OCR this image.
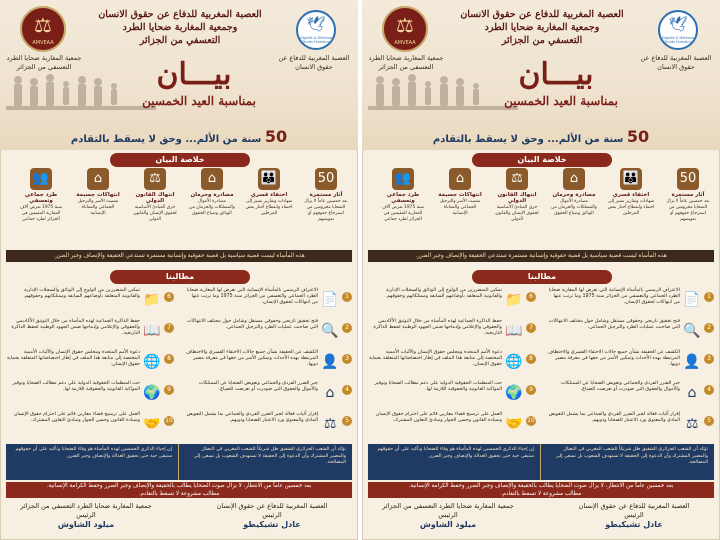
⚖
AMVEAA
🕊
Dignité & Défense Droits Humains
العصبة المغربية للدفاع عن حقوق الانسان
وجمعية المغاربة ضحايا الطرد
التعسفي من الجزائر
جمعية المغاربة ضحايا الطرد التعسفي من الجزائر
العصبة المغربية للدفاع عن حقوق الانسان
بيـــان
بمناسبة العيد الخمسين
50 سنة من الألم... وحق لا يسقط بالتقادم
خلاصة البيان
50
آثار مستمرة
بعد خمسين عاماً لا يزال الضحايا محرومين من استرجاع حقوقهم أو تعويضهم
👪
اختفاء قسري
شهادات وتقارير تشير إلى اختفاء وانقطاع أخبار بعض المرحلين
⌂
مصادرة وحرمان
مصادرة الأموال والممتلكات والحرمان من الوثائق وضياع الحقوق
⚖
انتهاك القانون الدولي
خرق المبادئ الأساسية لحقوق الإنسان والقانون الدولي
⌂
انتهاكات جسيمة
تشتيت الأسر والترحيل الجماعي والمعاناة الإنسانية
👥
طرد جماعي وتعسفي
سنة 1975 تعرض آلاف المغاربة المقيمين في الجزائر لطرد جماعي
هذه المأساة ليست قضية سياسية بل قضية حقوقية وإنسانية مستمرة تستدعي الحقيقة والإنصاف وجبر الضرر.
مطالبنا
1
📄
الاعتراف الرسمي بالمأساة الإنسانية التي تعرض لها المغاربة ضحايا الطرد الجماعي والتعسفي من الجزائر سنة 1975 وما ترتب عنها من انتهاكات لحقوق الإنسان.
2
🔍
فتح تحقيق تاريخي وحقوقي مستقل وشامل حول مختلف الانتهاكات التي صاحبت عمليات الطرد والترحيل الجماعي.
3
👤
الكشف عن الحقيقة بشأن جميع حالات الاختفاء القسري والاختطاف المرتبطة بهذه الأحداث وتمكين الأسر من حقها في معرفة مصير ذويها.
4
⌂
جبر الضرر الفردي والجماعي وتعويض الضحايا عن الممتلكات والأموال والحقوق التي صودرت أو تعرضت للضياع.
5
⚖
إقرار آليات فعالة لجبر الضرر الفردي والجماعي بما يشمل التعويض المادي والمعنوي ورد الاعتبار للضحايا وذويهم.
6
📁
تمكين المتضررين من الولوج إلى الوثائق والسجلات الإدارية والقانونية المتعلقة بأوضاعهم السابقة وممتلكاتهم وحقوقهم.
7
📖
حفظ الذاكرة الجماعية لهذه المأساة من خلال التوثيق الأكاديمي والحقوقي والإعلامي وإدماجها ضمن الجهود الوطنية لحفظ الذاكرة التاريخية.
8
🌐
دعوة الأمم المتحدة ومجلس حقوق الإنسان والآليات الأممية المختصة إلى متابعة هذا الملف في إطار اختصاصاتها المتعلقة بحماية حقوق الإنسان.
9
🌍
حث المنظمات الحقوقية الدولية على دعم مطالب الضحايا وتوفير المواكبة القانونية والحقوقية اللازمة لها.
10
🤝
العمل على ترسيخ فضاء مغاربي قائم على احترام حقوق الإنسان وسيادة القانون وحسن الجوار ومبادئ التعاون المشترك.
تؤكد أن الشعب الجزائري الشقيق ظل شريكاً للشعب المغربي في النضال والمصير المشترك وأن الدعوة إلى الحقيقة لا تستهدف الشعوب بل تسعى إلى المصالحة.
إن إحياء الذكرى الخمسين لهذه المأساة هو وفاء للضحايا وتأكيد على أن حقوقهم ستبقى حية حتى تحقيق العدالة والإنصاف وجبر الضرر.
بعد خمسين عاماً من الانتظار، لا يزال صوت الضحايا يطالب بالحقيقة والإنصاف وجبر الضرر وحفظ الكرامة الإنسانية.
مطالب مشروعة لا تسقط بالتقادم.
العصبة المغربية للدفاع عن حقوق الإنسان
الرئيس
عادل تشيكيطو
جمعية المغاربة ضحايا الطرد التعسفي من الجزائر
الرئيس
ميلود الشاوش
⚖
AMVEAA
🕊
Dignité & Défense Droits Humains
العصبة المغربية للدفاع عن حقوق الانسان
وجمعية المغاربة ضحايا الطرد
التعسفي من الجزائر
جمعية المغاربة ضحايا الطرد التعسفي من الجزائر
العصبة المغربية للدفاع عن حقوق الانسان
بيـــان
بمناسبة العيد الخمسين
50 سنة من الألم... وحق لا يسقط بالتقادم
خلاصة البيان
50
آثار مستمرة
بعد خمسين عاماً لا يزال الضحايا محرومين من استرجاع حقوقهم أو تعويضهم
👪
اختفاء قسري
شهادات وتقارير تشير إلى اختفاء وانقطاع أخبار بعض المرحلين
⌂
مصادرة وحرمان
مصادرة الأموال والممتلكات والحرمان من الوثائق وضياع الحقوق
⚖
انتهاك القانون الدولي
خرق المبادئ الأساسية لحقوق الإنسان والقانون الدولي
⌂
انتهاكات جسيمة
تشتيت الأسر والترحيل الجماعي والمعاناة الإنسانية
👥
طرد جماعي وتعسفي
سنة 1975 تعرض آلاف المغاربة المقيمين في الجزائر لطرد جماعي
هذه المأساة ليست قضية سياسية بل قضية حقوقية وإنسانية مستمرة تستدعي الحقيقة والإنصاف وجبر الضرر.
مطالبنا
1
📄
الاعتراف الرسمي بالمأساة الإنسانية التي تعرض لها المغاربة ضحايا الطرد الجماعي والتعسفي من الجزائر سنة 1975 وما ترتب عنها من انتهاكات لحقوق الإنسان.
2
🔍
فتح تحقيق تاريخي وحقوقي مستقل وشامل حول مختلف الانتهاكات التي صاحبت عمليات الطرد والترحيل الجماعي.
3
👤
الكشف عن الحقيقة بشأن جميع حالات الاختفاء القسري والاختطاف المرتبطة بهذه الأحداث وتمكين الأسر من حقها في معرفة مصير ذويها.
4
⌂
جبر الضرر الفردي والجماعي وتعويض الضحايا عن الممتلكات والأموال والحقوق التي صودرت أو تعرضت للضياع.
5
⚖
إقرار آليات فعالة لجبر الضرر الفردي والجماعي بما يشمل التعويض المادي والمعنوي ورد الاعتبار للضحايا وذويهم.
6
📁
تمكين المتضررين من الولوج إلى الوثائق والسجلات الإدارية والقانونية المتعلقة بأوضاعهم السابقة وممتلكاتهم وحقوقهم.
7
📖
حفظ الذاكرة الجماعية لهذه المأساة من خلال التوثيق الأكاديمي والحقوقي والإعلامي وإدماجها ضمن الجهود الوطنية لحفظ الذاكرة التاريخية.
8
🌐
دعوة الأمم المتحدة ومجلس حقوق الإنسان والآليات الأممية المختصة إلى متابعة هذا الملف في إطار اختصاصاتها المتعلقة بحماية حقوق الإنسان.
9
🌍
حث المنظمات الحقوقية الدولية على دعم مطالب الضحايا وتوفير المواكبة القانونية والحقوقية اللازمة لها.
10
🤝
العمل على ترسيخ فضاء مغاربي قائم على احترام حقوق الإنسان وسيادة القانون وحسن الجوار ومبادئ التعاون المشترك.
تؤكد أن الشعب الجزائري الشقيق ظل شريكاً للشعب المغربي في النضال والمصير المشترك وأن الدعوة إلى الحقيقة لا تستهدف الشعوب بل تسعى إلى المصالحة.
إن إحياء الذكرى الخمسين لهذه المأساة هو وفاء للضحايا وتأكيد على أن حقوقهم ستبقى حية حتى تحقيق العدالة والإنصاف وجبر الضرر.
بعد خمسين عاماً من الانتظار، لا يزال صوت الضحايا يطالب بالحقيقة والإنصاف وجبر الضرر وحفظ الكرامة الإنسانية.
مطالب مشروعة لا تسقط بالتقادم.
العصبة المغربية للدفاع عن حقوق الإنسان
الرئيس
عادل تشيكيطو
جمعية المغاربة ضحايا الطرد التعسفي من الجزائر
الرئيس
ميلود الشاوش
